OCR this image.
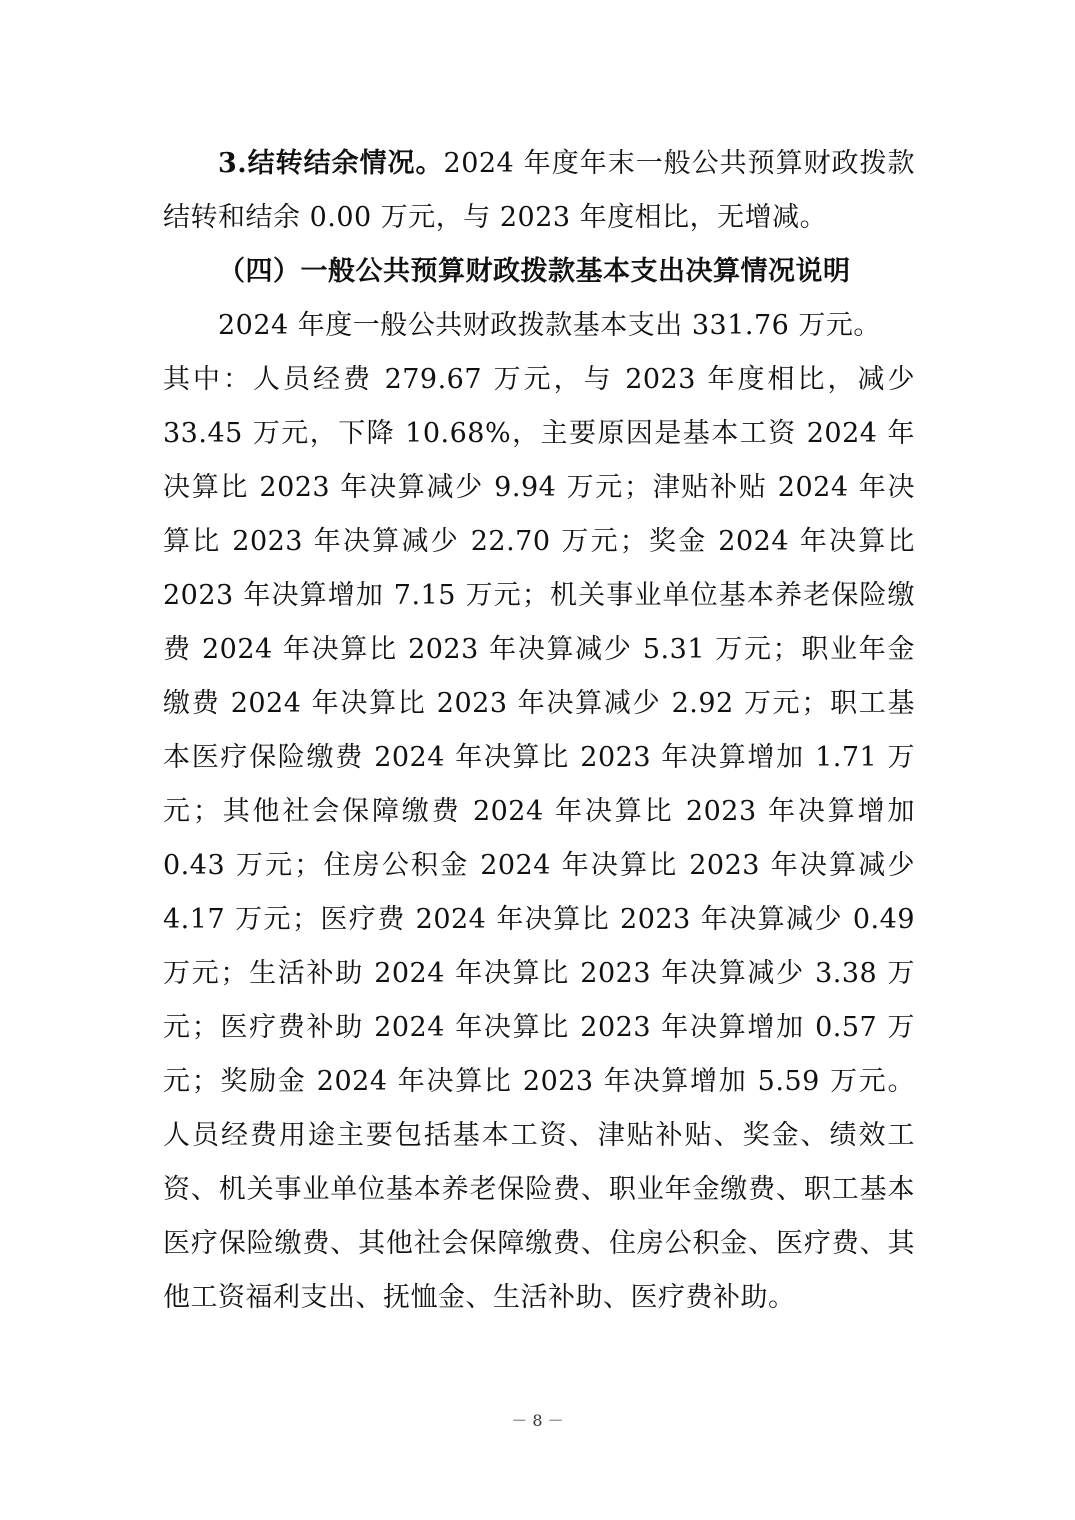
3.结转结余情况。2024 年度年末一般公共预算财政拨款结转和结余 0.00 万元，与 2023 年度相比，无增减。

（四）一般公共预算财政拨款基本支出决算情况说明

2024 年度一般公共财政拨款基本支出 331.76 万元。

其中：人员经费 279.67 万元，与 2023 年度相比，减少 33.45 万元，下降 10.68%，主要原因是基本工资 2024 年决算比 2023 年决算减少 9.94 万元；津贴补贴 2024 年决算比 2023 年决算减少 22.70 万元；奖金 2024 年决算比 2023 年决算增加 7.15 万元；机关事业单位基本养老保险缴费 2024 年决算比 2023 年决算减少 5.31 万元；职业年金缴费 2024 年决算比 2023 年决算减少 2.92 万元；职工基本医疗保险缴费 2024 年决算比 2023 年决算增加 1.71 万元；其他社会保障缴费 2024 年决算比 2023 年决算增加 0.43 万元；住房公积金 2024 年决算比 2023 年决算减少 4.17 万元；医疗费 2024 年决算比 2023 年决算减少 0.49 万元；生活补助 2024 年决算比 2023 年决算减少 3.38 万元；医疗费补助 2024 年决算比 2023 年决算增加 0.57 万元；奖励金 2024 年决算比 2023 年决算增加 5.59 万元。人员经费用途主要包括基本工资、津贴补贴、奖金、绩效工资、机关事业单位基本养老保险费、职业年金缴费、职工基本医疗保险缴费、其他社会保障缴费、住房公积金、医疗费、其他工资福利支出、抚恤金、生活补助、医疗费补助。

－ 8 －
